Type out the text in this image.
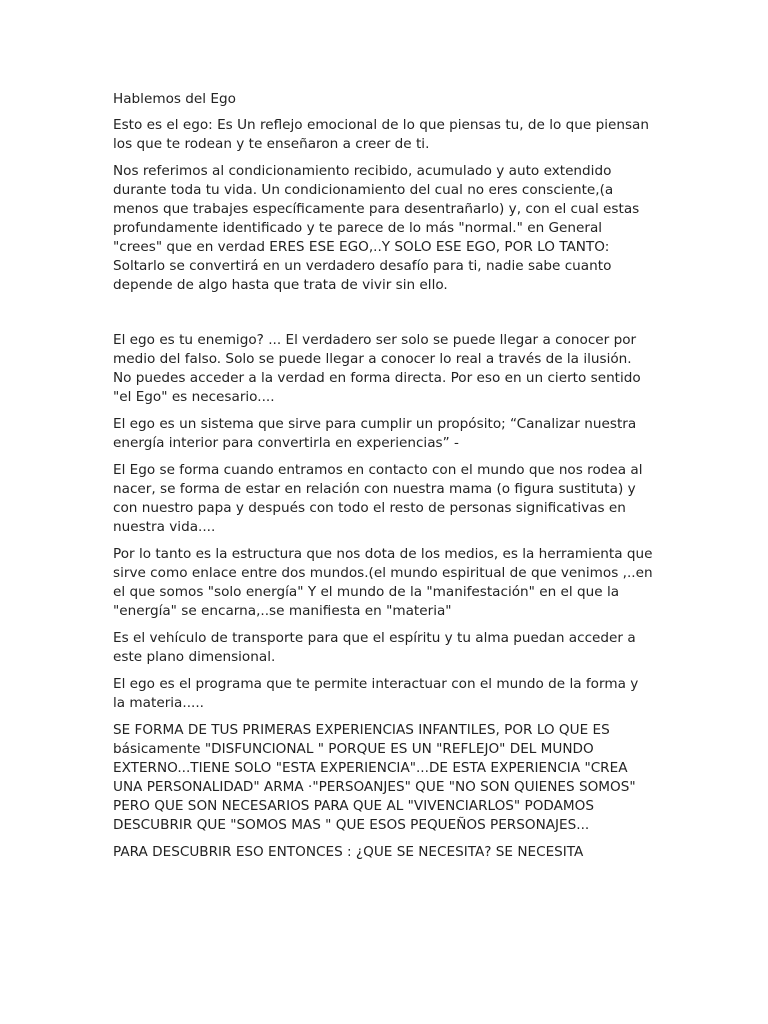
Hablemos del Ego

Esto es el ego: Es Un reflejo emocional de lo que piensas tu, de lo que piensan los que te rodean y te enseñaron a creer de ti.

Nos referimos al condicionamiento recibido, acumulado y auto extendido durante toda tu vida. Un condicionamiento del cual no eres consciente,(a menos que trabajes específicamente para desentrañarlo) y, con el cual estas profundamente identificado y te parece de lo más "normal." en General "crees" que en verdad ERES ESE EGO,..Y SOLO ESE EGO, POR LO TANTO: Soltarlo se convertirá en un verdadero desafío para ti, nadie sabe cuanto depende de algo hasta que trata de vivir sin ello.

El ego es tu enemigo? ... El verdadero ser solo se puede llegar a conocer por medio del falso. Solo se puede llegar a conocer lo real a través de la ilusión. No puedes acceder a la verdad en forma directa. Por eso en un cierto sentido "el Ego" es necesario....

El ego es un sistema que sirve para cumplir un propósito; “Canalizar nuestra energía interior para convertirla en experiencias” -

El Ego se forma cuando entramos en contacto con el mundo que nos rodea al nacer, se forma de estar en relación con nuestra mama (o figura sustituta) y con nuestro papa y después con todo el resto de personas significativas en nuestra vida....

Por lo tanto es la estructura que nos dota de los medios, es la herramienta que sirve como enlace entre dos mundos.(el mundo espiritual de que venimos ,..en el que somos "solo energía" Y el mundo de la "manifestación" en el que la "energía" se encarna,..se manifiesta en "materia"

Es el vehículo de transporte para que el espíritu y tu alma puedan acceder a este plano dimensional.

El ego es el programa que te permite interactuar con el mundo de la forma y la materia.....

SE FORMA DE TUS PRIMERAS EXPERIENCIAS INFANTILES, POR LO QUE ES básicamente "DISFUNCIONAL " PORQUE ES UN "REFLEJO" DEL MUNDO EXTERNO...TIENE SOLO "ESTA EXPERIENCIA"...DE ESTA EXPERIENCIA "CREA UNA PERSONALIDAD" ARMA ·"PERSOANJES" QUE "NO SON QUIENES SOMOS" PERO QUE SON NECESARIOS PARA QUE AL "VIVENCIARLOS" PODAMOS DESCUBRIR QUE "SOMOS MAS " QUE ESOS PEQUEÑOS PERSONAJES...

PARA DESCUBRIR ESO ENTONCES : ¿QUE SE NECESITA? SE NECESITA
